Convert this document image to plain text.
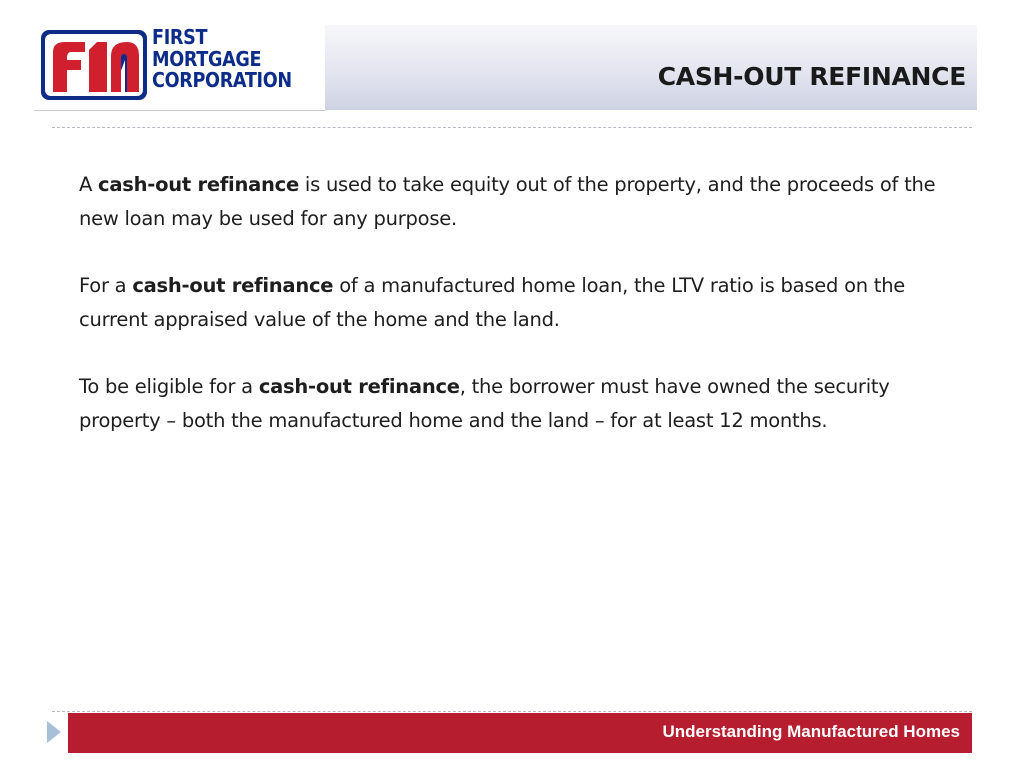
FIRST
MORTGAGE
CORPORATION	CASH-OUT REFINANCE

A cash-out refinance is used to take equity out of the property, and the proceeds of the new loan may be used for any purpose.

For a cash-out refinance of a manufactured home loan, the LTV ratio is based on the current appraised value of the home and the land.

To be eligible for a cash-out refinance, the borrower must have owned the security property – both the manufactured home and the land – for at least 12 months.

Understanding Manufactured Homes
